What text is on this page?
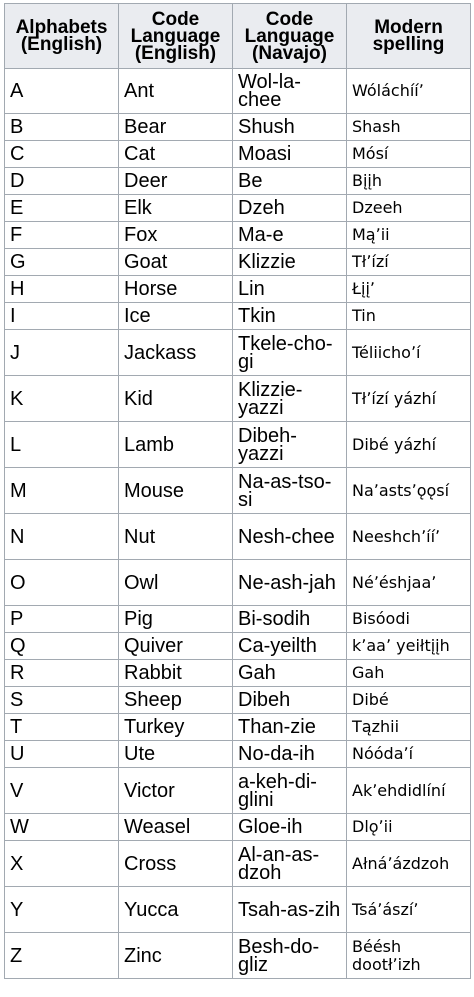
Alphabets (English)	Code Language (English)	Code Language (Navajo)	Modern spelling
A	Ant	Wol-la-chee	Wóláchííʼ
B	Bear	Shush	Shash
C	Cat	Moasi	Mósí
D	Deer	Be	Bįįh
E	Elk	Dzeh	Dzeeh
F	Fox	Ma-e	Mąʼii
G	Goat	Klizzie	Tłʼízí
H	Horse	Lin	Łįįʼ
I	Ice	Tkin	Tin
J	Jackass	Tkele-cho-gi	Téliichoʼí
K	Kid	Klizzie-yazzi	Tłʼízí yázhí
L	Lamb	Dibeh-yazzi	Dibé yázhí
M	Mouse	Na-as-tso-si	Naʼastsʼǫǫsí
N	Nut	Nesh-chee	Neeshchʼííʼ
O	Owl	Ne-ash-jah	Néʼéshjaaʼ
P	Pig	Bi-sodih	Bisóodi
Q	Quiver	Ca-yeilth	kʼaaʼ yeiłtįįh
R	Rabbit	Gah	Gah
S	Sheep	Dibeh	Dibé
T	Turkey	Than-zie	Tązhii
U	Ute	No-da-ih	Nóódaʼí
V	Victor	a-keh-di-glini	Akʼehdidlíní
W	Weasel	Gloe-ih	Dlǫʼii
X	Cross	Al-an-as-dzoh	Ałnáʼázdzoh
Y	Yucca	Tsah-as-zih	Tsáʼászíʼ
Z	Zinc	Besh-do-gliz	Béésh dootłʼizh
